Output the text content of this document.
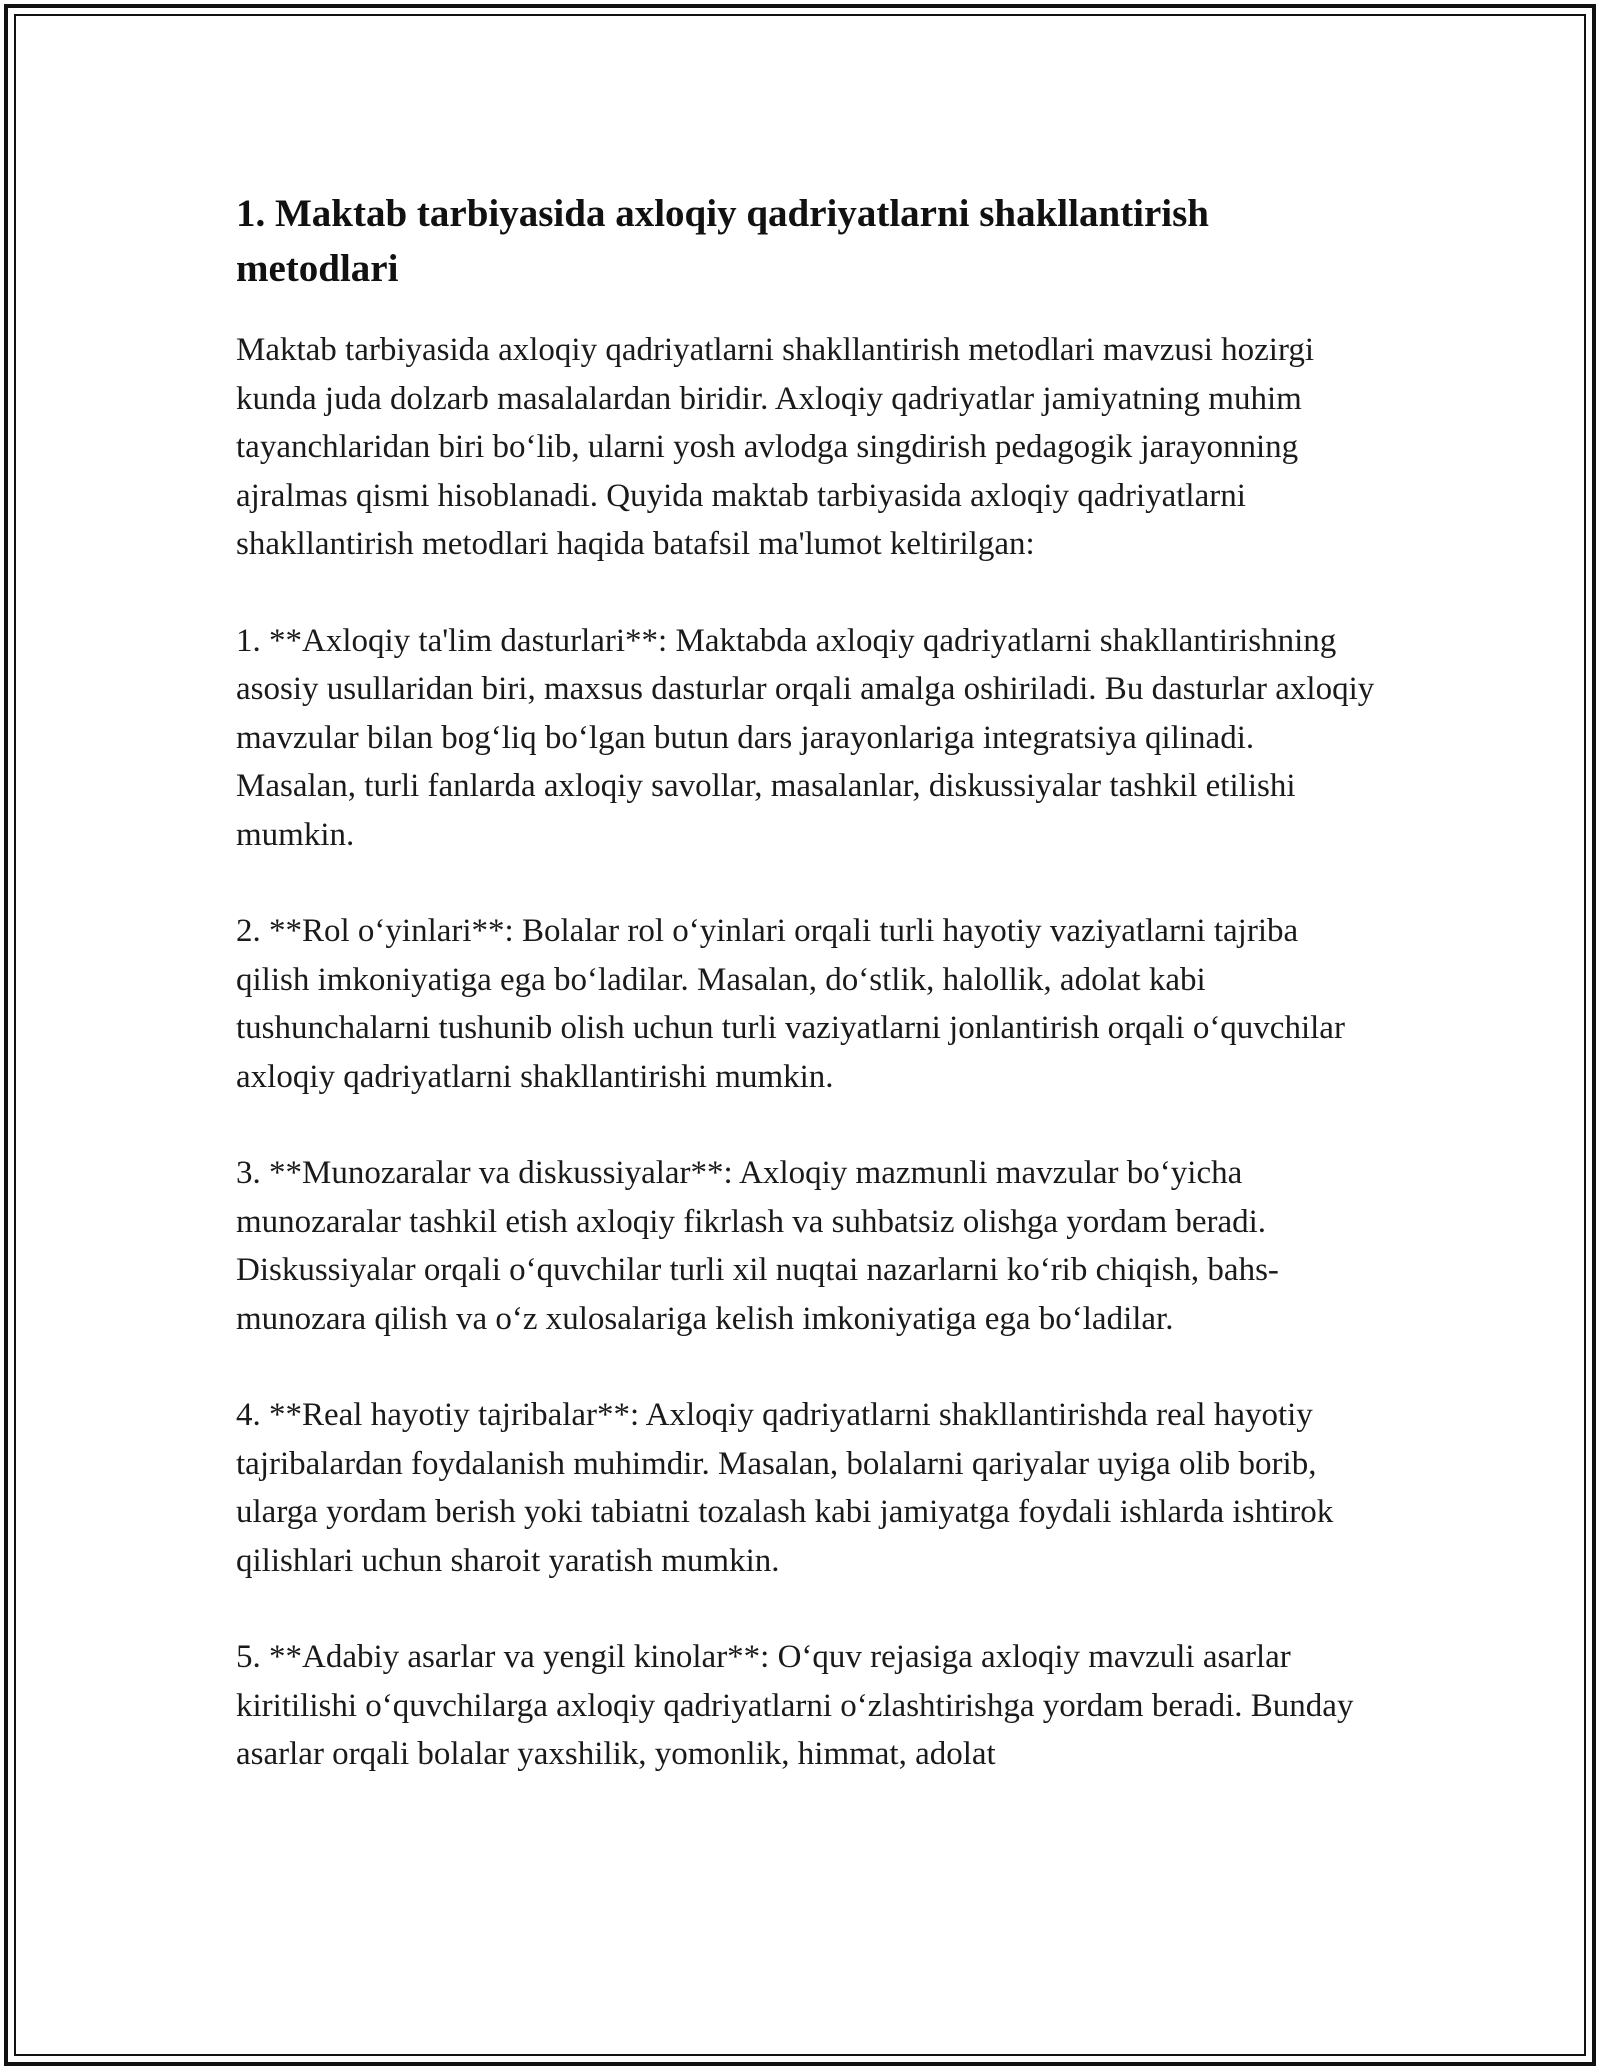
1. Maktab tarbiyasida axloqiy qadriyatlarni shakllantirish metodlari

Maktab tarbiyasida axloqiy qadriyatlarni shakllantirish metodlari mavzusi hozirgi kunda juda dolzarb masalalardan biridir. Axloqiy qadriyatlar jamiyatning muhim tayanchlaridan biri boʻlib, ularni yosh avlodga singdirish pedagogik jarayonning ajralmas qismi hisoblanadi. Quyida maktab tarbiyasida axloqiy qadriyatlarni shakllantirish metodlari haqida batafsil ma'lumot keltirilgan:

1. **Axloqiy ta'lim dasturlari**: Maktabda axloqiy qadriyatlarni shakllantirishning asosiy usullaridan biri, maxsus dasturlar orqali amalga oshiriladi. Bu dasturlar axloqiy mavzular bilan bogʻliq boʻlgan butun dars jarayonlariga integratsiya qilinadi. Masalan, turli fanlarda axloqiy savollar, masalanlar, diskussiyalar tashkil etilishi mumkin.

2. **Rol oʻyinlari**: Bolalar rol oʻyinlari orqali turli hayotiy vaziyatlarni tajriba qilish imkoniyatiga ega boʻladilar. Masalan, doʻstlik, halollik, adolat kabi tushunchalarni tushunib olish uchun turli vaziyatlarni jonlantirish orqali oʻquvchilar axloqiy qadriyatlarni shakllantirishi mumkin.

3. **Munozaralar va diskussiyalar**: Axloqiy mazmunli mavzular boʻyicha munozaralar tashkil etish axloqiy fikrlash va suhbatsiz olishga yordam beradi. Diskussiyalar orqali oʻquvchilar turli xil nuqtai nazarlarni koʻrib chiqish, bahs-munozara qilish va oʻz xulosalariga kelish imkoniyatiga ega boʻladilar.

4. **Real hayotiy tajribalar**: Axloqiy qadriyatlarni shakllantirishda real hayotiy tajribalardan foydalanish muhimdir. Masalan, bolalarni qariyalar uyiga olib borib, ularga yordam berish yoki tabiatni tozalash kabi jamiyatga foydali ishlarda ishtirok qilishlari uchun sharoit yaratish mumkin.

5. **Adabiy asarlar va yengil kinolar**: Oʻquv rejasiga axloqiy mavzuli asarlar kiritilishi oʻquvchilarga axloqiy qadriyatlarni oʻzlashtirishga yordam beradi. Bunday asarlar orqali bolalar yaxshilik, yomonlik, himmat, adolat
